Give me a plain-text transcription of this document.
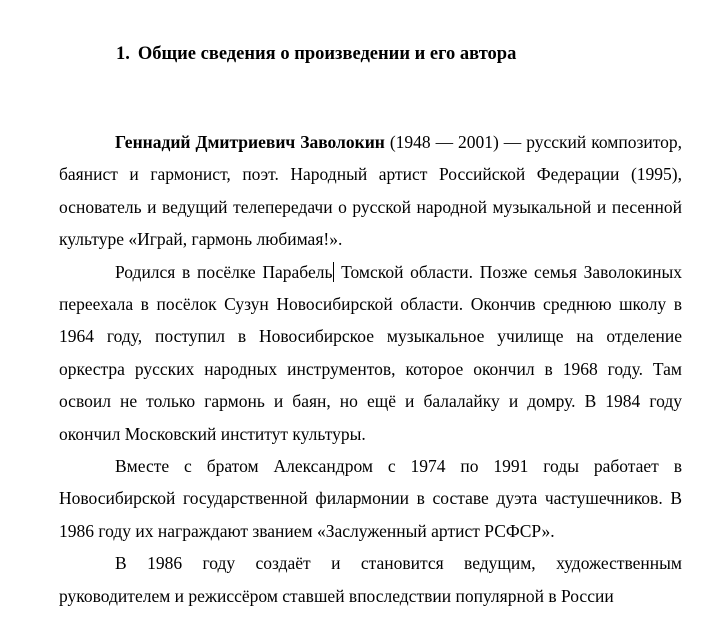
1. Общие сведения о произведении и его автора

Геннадий Дмитриевич Заволокин (1948 — 2001) — русский композитор, баянист и гармонист, поэт. Народный артист Российской Федерации (1995), основатель и ведущий телепередачи о русской народной музыкальной и песенной культуре «Играй, гармонь любимая!».

Родился в посёлке Парабель Томской области. Позже семья Заволокиных переехала в посёлок Сузун Новосибирской области. Окончив среднюю школу в 1964 году, поступил в Новосибирское музыкальное училище на отделение оркестра русских народных инструментов, которое окончил в 1968 году. Там освоил не только гармонь и баян, но ещё и балалайку и домру. В 1984 году окончил Московский институт культуры.

Вместе с братом Александром с 1974 по 1991 годы работает в Новосибирской государственной филармонии в составе дуэта частушечников. В 1986 году их награждают званием «Заслуженный артист РСФСР».

В 1986 году создаёт и становится ведущим, художественным руководителем и режиссёром ставшей впоследствии популярной в России
